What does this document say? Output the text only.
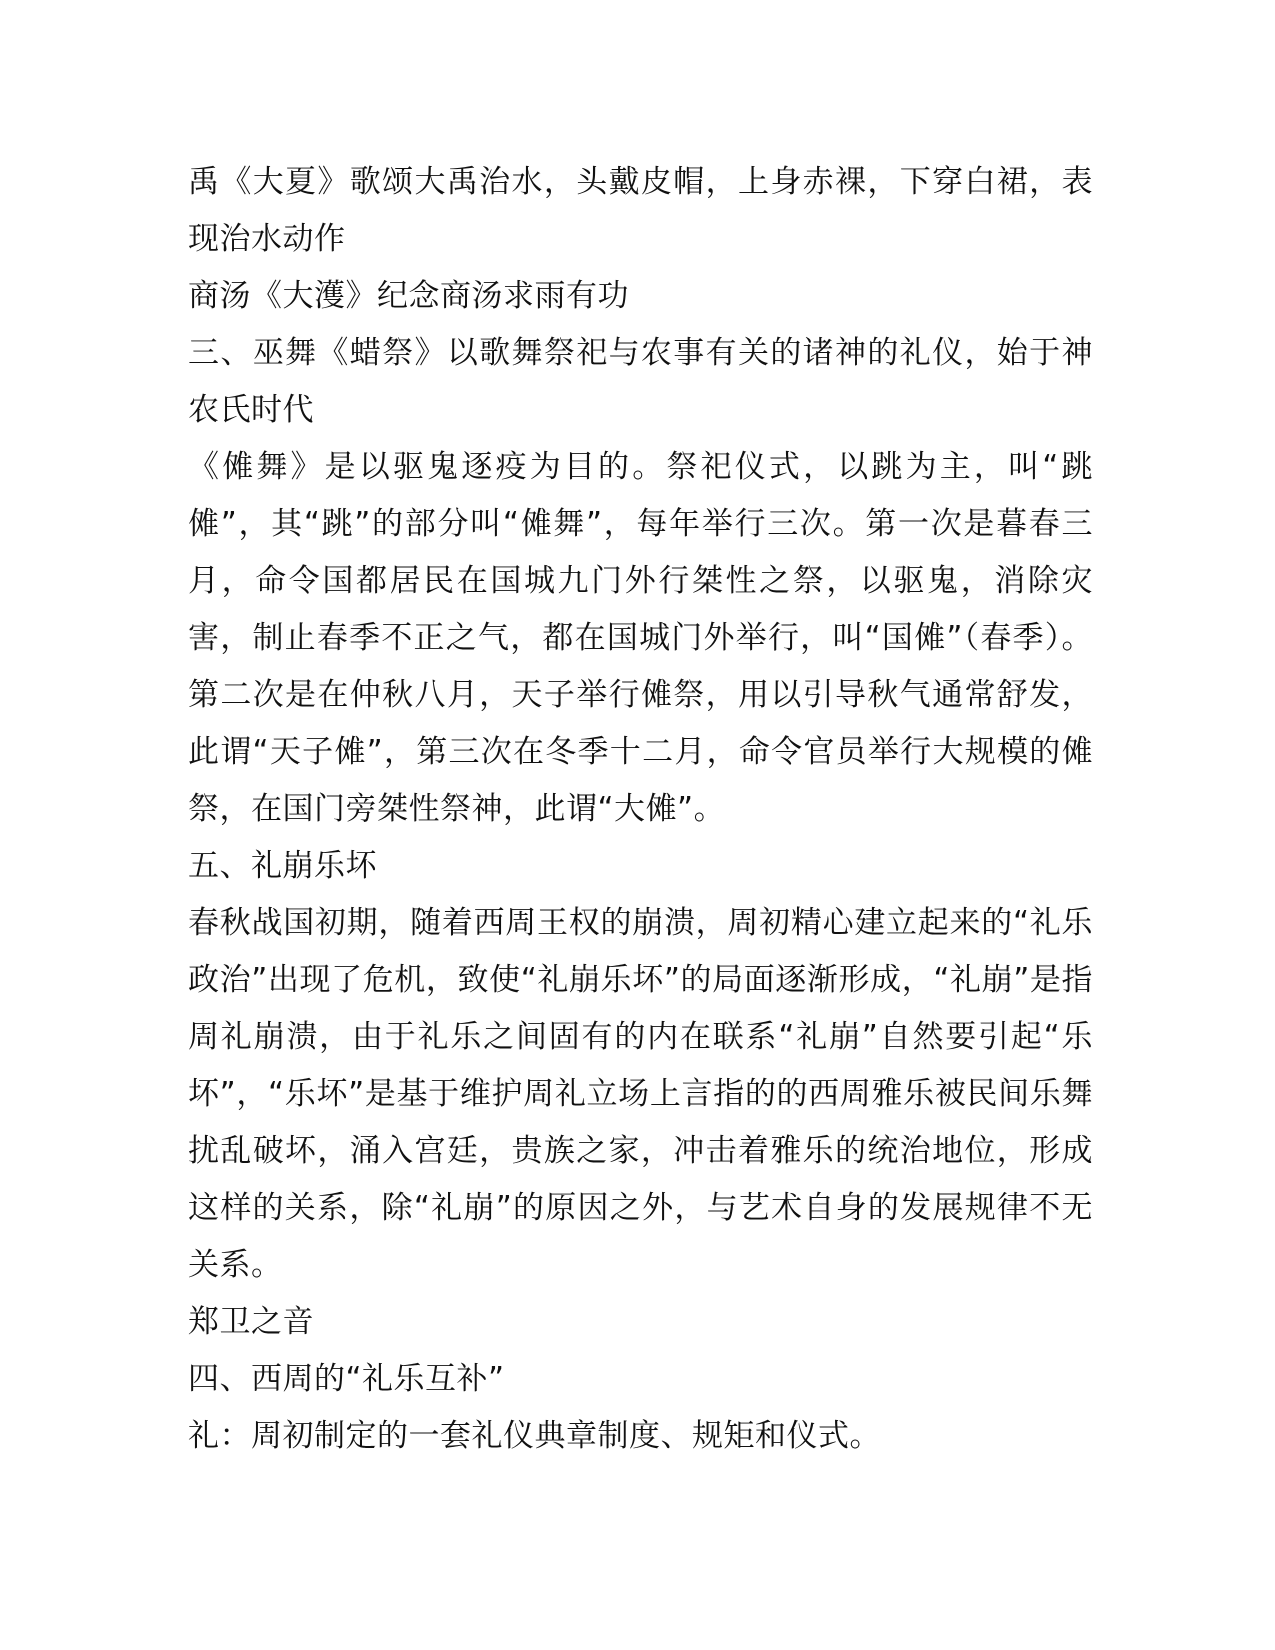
禹《大夏》歌颂大禹治水，头戴皮帽，上身赤裸，下穿白裙，表现治水动作

商汤《大濩》纪念商汤求雨有功

三、巫舞《蜡祭》以歌舞祭祀与农事有关的诸神的礼仪，始于神农氏时代

《傩舞》是以驱鬼逐疫为目的。祭祀仪式，以跳为主，叫“跳傩”，其“跳”的部分叫“傩舞”，每年举行三次。第一次是暮春三月，命令国都居民在国城九门外行桀性之祭，以驱鬼，消除灾害，制止春季不正之气，都在国城门外举行，叫“国傩”（春季）。第二次是在仲秋八月，天子举行傩祭，用以引导秋气通常舒发，此谓“天子傩”，第三次在冬季十二月，命令官员举行大规模的傩祭，在国门旁桀性祭神，此谓“大傩”。

五、礼崩乐坏

春秋战国初期，随着西周王权的崩溃，周初精心建立起来的“礼乐政治”出现了危机，致使“礼崩乐坏”的局面逐渐形成，“礼崩”是指周礼崩溃，由于礼乐之间固有的内在联系“礼崩”自然要引起“乐坏”，“乐坏”是基于维护周礼立场上言指的的西周雅乐被民间乐舞扰乱破坏，涌入宫廷，贵族之家，冲击着雅乐的统治地位，形成这样的关系，除“礼崩”的原因之外，与艺术自身的发展规律不无关系。

郑卫之音

四、西周的“礼乐互补”

礼：周初制定的一套礼仪典章制度、规矩和仪式。
